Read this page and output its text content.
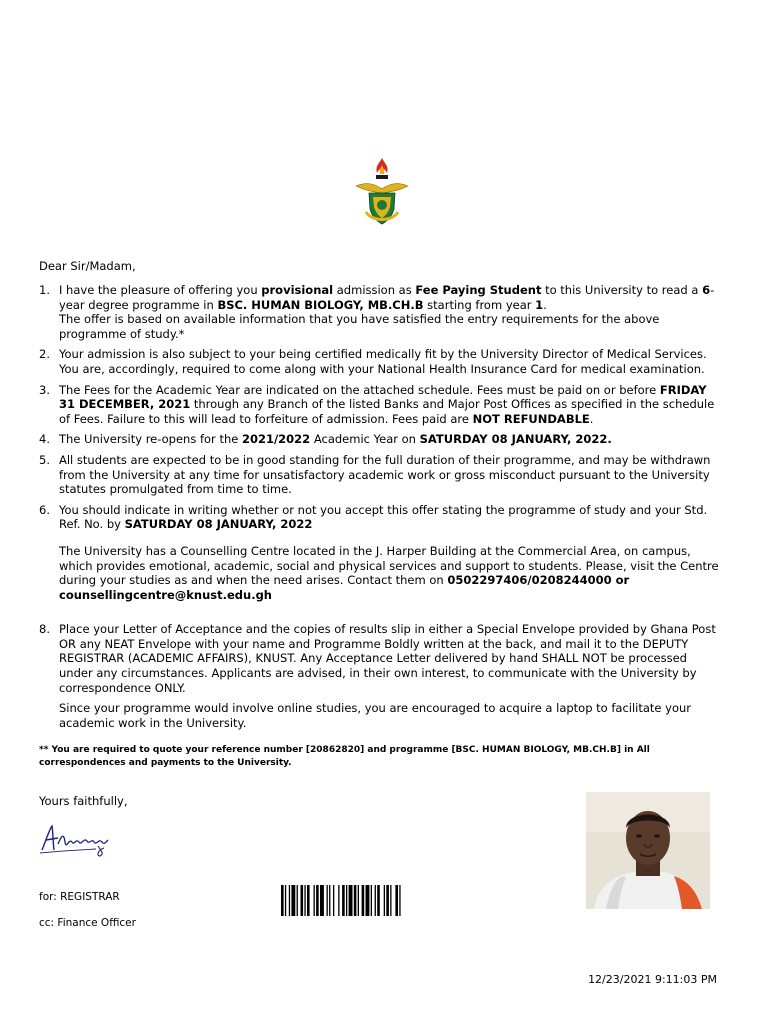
Dear Sir/Madam,
1. I have the pleasure of offering you provisional admission as Fee Paying Student to this University to read a 6-year degree programme in BSC. HUMAN BIOLOGY, MB.CH.B starting from year 1.

The offer is based on available information that you have satisfied the entry requirements for the above programme of study.*

2. Your admission is also subject to your being certified medically fit by the University Director of Medical Services. You are, accordingly, required to come along with your National Health Insurance Card for medical examination.

3. The Fees for the Academic Year are indicated on the attached schedule. Fees must be paid on or before FRIDAY 31 DECEMBER, 2021 through any Branch of the listed Banks and Major Post Offices as specified in the schedule of Fees. Failure to this will lead to forfeiture of admission. Fees paid are NOT REFUNDABLE.

4. The University re-opens for the 2021/2022 Academic Year on SATURDAY 08 JANUARY, 2022.

5. All students are expected to be in good standing for the full duration of their programme, and may be withdrawn from the University at any time for unsatisfactory academic work or gross misconduct pursuant to the University statutes promulgated from time to time.

6. You should indicate in writing whether or not you accept this offer stating the programme of study and your Std. Ref. No. by SATURDAY 08 JANUARY, 2022

The University has a Counselling Centre located in the J. Harper Building at the Commercial Area, on campus, which provides emotional, academic, social and physical services and support to students. Please, visit the Centre during your studies as and when the need arises. Contact them on 0502297406/0208244000 or counsellingcentre@knust.edu.gh
8. Place your Letter of Acceptance and the copies of results slip in either a Special Envelope provided by Ghana Post OR any NEAT Envelope with your name and Programme Boldly written at the back, and mail it to the DEPUTY REGISTRAR (ACADEMIC AFFAIRS), KNUST. Any Acceptance Letter delivered by hand SHALL NOT be processed under any circumstances. Applicants are advised, in their own interest, to communicate with the University by correspondence ONLY.

Since your programme would involve online studies, you are encouraged to acquire a laptop to facilitate your academic work in the University.
** You are required to quote your reference number [20862820] and programme [BSC. HUMAN BIOLOGY, MB.CH.B] in All correspondences and payments to the University.
Yours faithfully,
for: REGISTRAR
cc: Finance Officer
12/23/2021 9:11:03 PM
